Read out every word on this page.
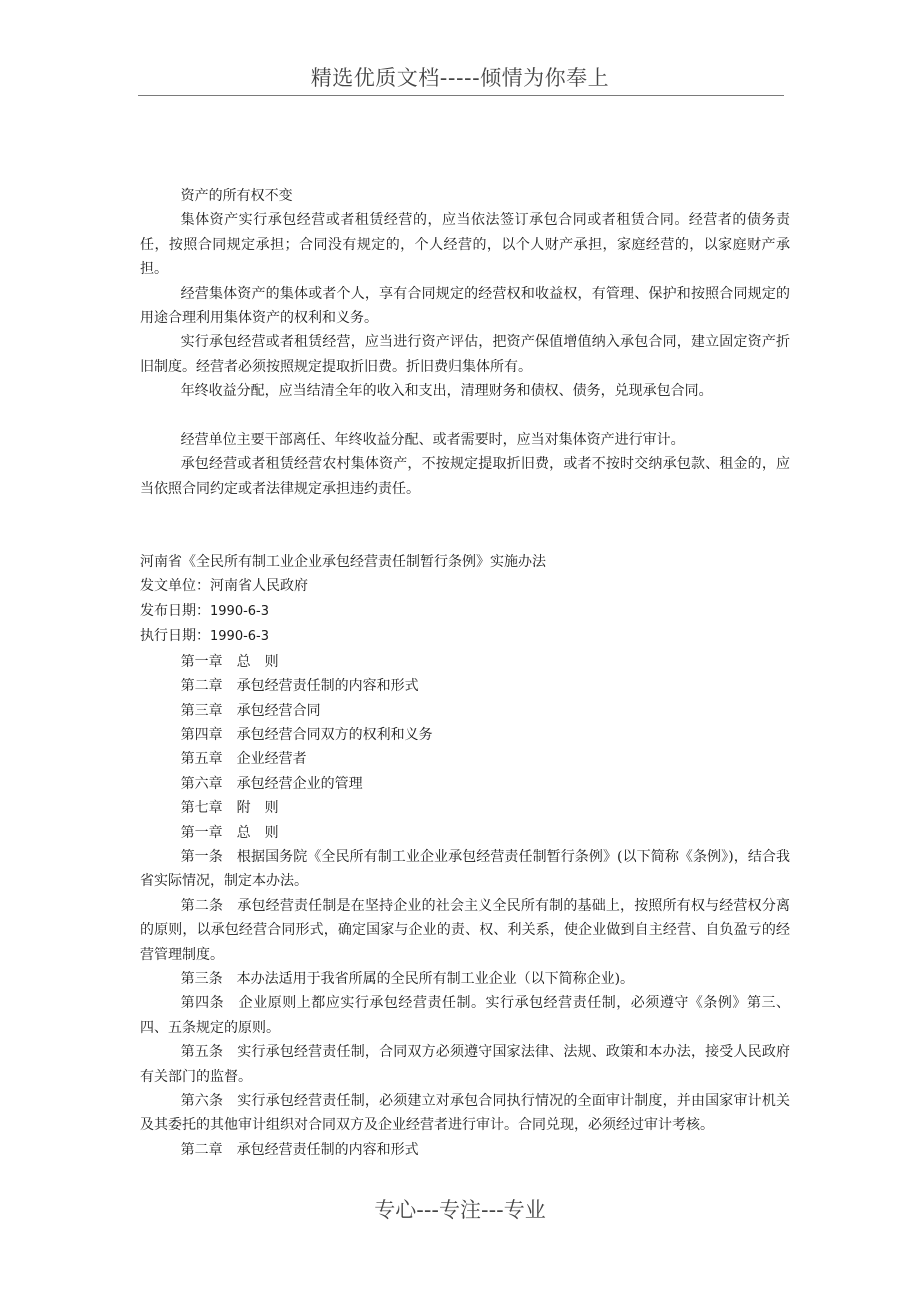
精选优质文档-----倾情为你奉上

资产的所有权不变

集体资产实行承包经营或者租赁经营的，应当依法签订承包合同或者租赁合同。经营者的债务责任，按照合同规定承担；合同没有规定的，个人经营的，以个人财产承担，家庭经营的，以家庭财产承担。

经营集体资产的集体或者个人，享有合同规定的经营权和收益权，有管理、保护和按照合同规定的用途合理利用集体资产的权利和义务。

实行承包经营或者租赁经营，应当进行资产评估，把资产保值增值纳入承包合同，建立固定资产折旧制度。经营者必须按照规定提取折旧费。折旧费归集体所有。

年终收益分配，应当结清全年的收入和支出，清理财务和债权、债务，兑现承包合同。

经营单位主要干部离任、年终收益分配、或者需要时，应当对集体资产进行审计。

承包经营或者租赁经营农村集体资产，不按规定提取折旧费，或者不按时交纳承包款、租金的，应当依照合同约定或者法律规定承担违约责任。

河南省《全民所有制工业企业承包经营责任制暂行条例》实施办法

发文单位：河南省人民政府

发布日期：1990-6-3

执行日期：1990-6-3

第一章　总　则

第二章　承包经营责任制的内容和形式

第三章　承包经营合同

第四章　承包经营合同双方的权利和义务

第五章　企业经营者

第六章　承包经营企业的管理

第七章　附　则

第一章　总　则

第一条　根据国务院《全民所有制工业企业承包经营责任制暂行条例》(以下简称《条例》)，结合我省实际情况，制定本办法。

第二条　承包经营责任制是在坚持企业的社会主义全民所有制的基础上，按照所有权与经营权分离的原则，以承包经营合同形式，确定国家与企业的责、权、利关系，使企业做到自主经营、自负盈亏的经营管理制度。

第三条　本办法适用于我省所属的全民所有制工业企业（以下简称企业)。

第四条　企业原则上都应实行承包经营责任制。实行承包经营责任制，必须遵守《条例》第三、四、五条规定的原则。

第五条　实行承包经营责任制，合同双方必须遵守国家法律、法规、政策和本办法，接受人民政府有关部门的监督。

第六条　实行承包经营责任制，必须建立对承包合同执行情况的全面审计制度，并由国家审计机关及其委托的其他审计组织对合同双方及企业经营者进行审计。合同兑现，必须经过审计考核。

第二章　承包经营责任制的内容和形式

专心---专注---专业
